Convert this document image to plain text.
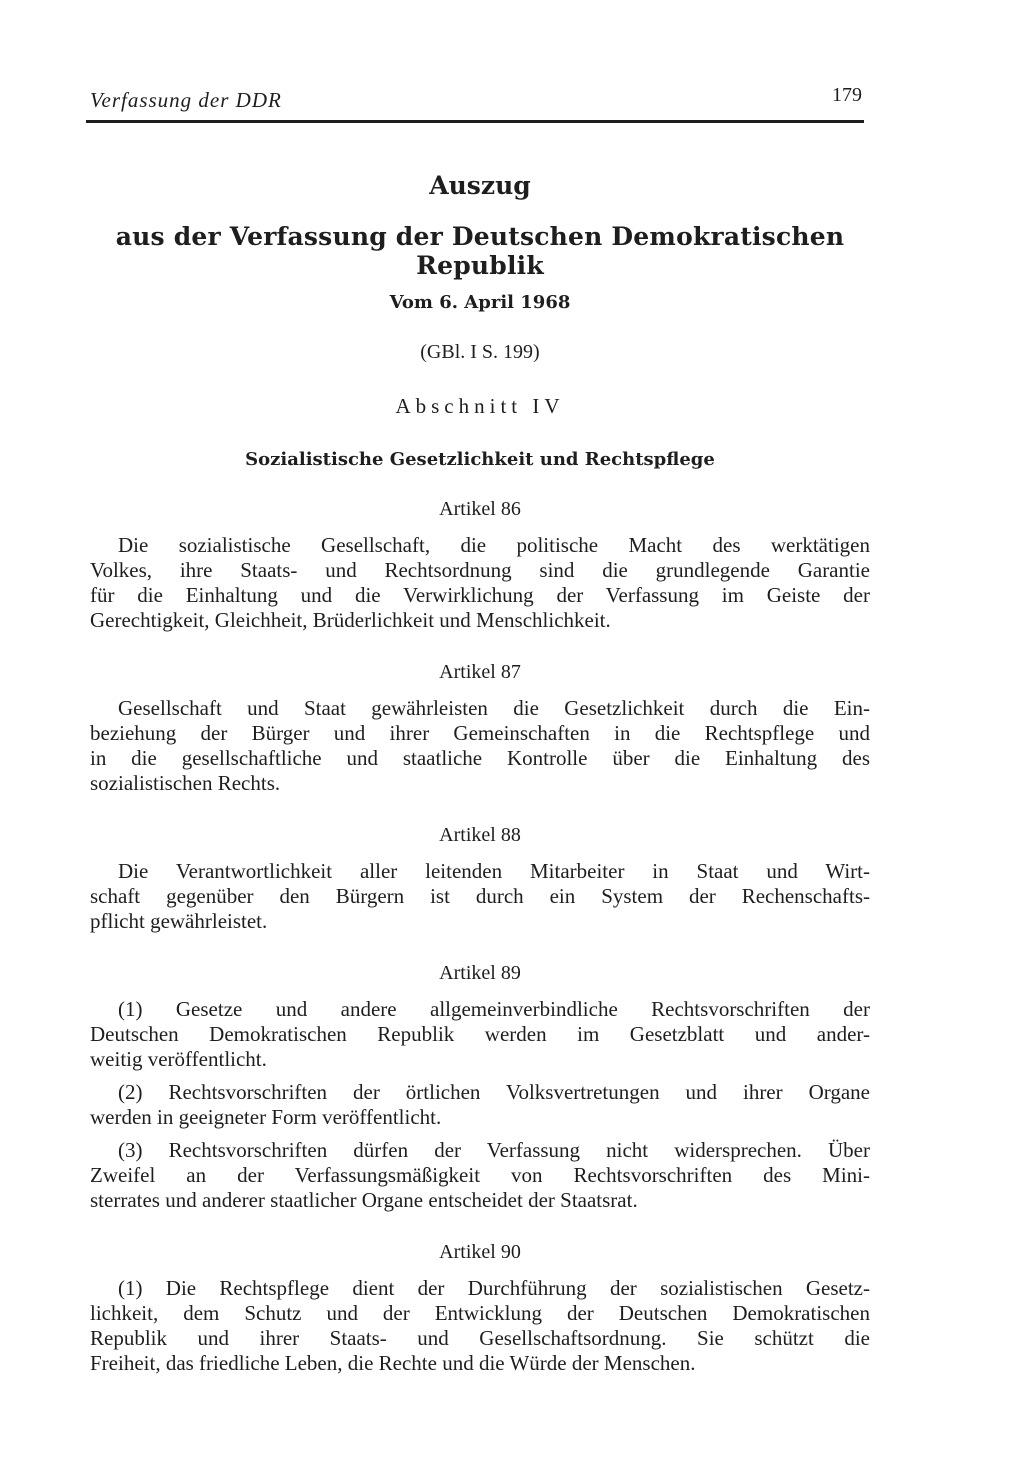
Verfassung der DDR	179
Auszug
aus der Verfassung der Deutschen Demokratischen Republik
Vom 6. April 1968
(GBl. I S. 199)
Abschnitt IV
Sozialistische Gesetzlichkeit und Rechtspflege
Artikel 86
Die sozialistische Gesellschaft, die politische Macht des werktätigen
Volkes, ihre Staats- und Rechtsordnung sind die grundlegende Garantie
für die Einhaltung und die Verwirklichung der Verfassung im Geiste der
Gerechtigkeit, Gleichheit, Brüderlichkeit und Menschlichkeit.
Artikel 87
Gesellschaft und Staat gewährleisten die Gesetzlichkeit durch die Ein-
beziehung der Bürger und ihrer Gemeinschaften in die Rechtspflege und
in die gesellschaftliche und staatliche Kontrolle über die Einhaltung des
sozialistischen Rechts.
Artikel 88
Die Verantwortlichkeit aller leitenden Mitarbeiter in Staat und Wirt-
schaft gegenüber den Bürgern ist durch ein System der Rechenschafts-
pflicht gewährleistet.
Artikel 89
(1) Gesetze und andere allgemeinverbindliche Rechtsvorschriften der
Deutschen Demokratischen Republik werden im Gesetzblatt und ander-
weitig veröffentlicht.
(2) Rechtsvorschriften der örtlichen Volksvertretungen und ihrer Organe
werden in geeigneter Form veröffentlicht.
(3) Rechtsvorschriften dürfen der Verfassung nicht widersprechen. Über
Zweifel an der Verfassungsmäßigkeit von Rechtsvorschriften des Mini-
sterrates und anderer staatlicher Organe entscheidet der Staatsrat.
Artikel 90
(1) Die Rechtspflege dient der Durchführung der sozialistischen Gesetz-
lichkeit, dem Schutz und der Entwicklung der Deutschen Demokratischen
Republik und ihrer Staats- und Gesellschaftsordnung. Sie schützt die
Freiheit, das friedliche Leben, die Rechte und die Würde der Menschen.
